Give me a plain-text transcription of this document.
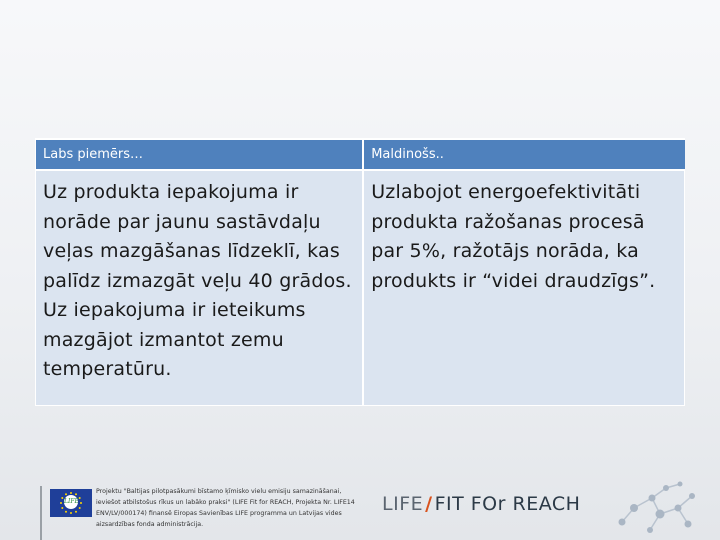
Labs piemērs…	Maldinošs..
Uz produkta iepakojuma ir norāde par jaunu sastāvdaļu veļas mazgāšanas līdzeklī, kas palīdz izmazgāt veļu 40 grādos. Uz iepakojuma ir ieteikums mazgājot izmantot zemu temperatūru.	Uzlabojot energoefektivitāti produkta ražošanas procesā par 5%, ražotājs norāda, ka produkts ir “videi draudzīgs”.
LIFE
Projektu "Baltijas pilotpasākumi bīstamo ķīmisko vielu emisiju samazināšanai, ieviešot atbilstošus rīkus un labāko praksi" (LIFE Fit for REACH, Projekta Nr. LIFE14 ENV/LV/000174) finansē Eiropas Savienības LIFE programma un Latvijas vides aizsardzības fonda administrācija.
LIFE / FIT FOr REACH
